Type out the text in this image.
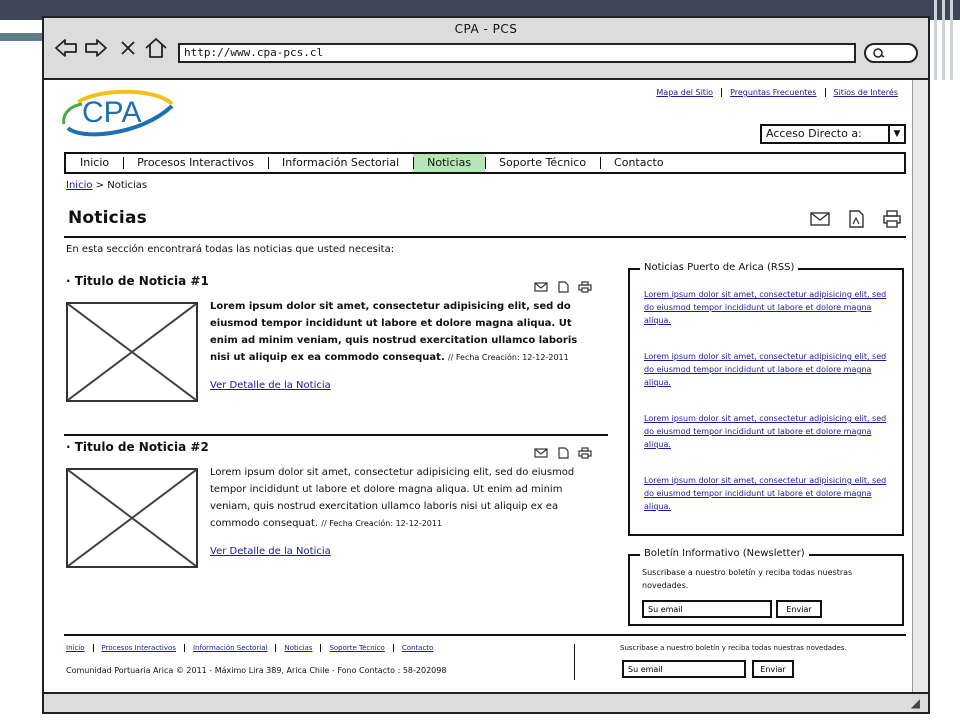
CPA - PCS
http://www.cpa-pcs.cl
CPA
Mapa del Sitio	Preguntas Frecuentes	Sitios de Interés
Acceso Directo a:	▼
Inicio	Procesos Interactivos	Información Sectorial	Noticias	Soporte Técnico	Contacto
Inicio > Noticias
Noticias
En esta sección encontrará todas las noticias que usted necesita:
· Titulo de Noticia #1
Lorem ipsum dolor sit amet, consectetur adipisicing elit, sed do eiusmod tempor incididunt ut labore et dolore magna aliqua. Ut enim ad minim veniam, quis nostrud exercitation ullamco laboris nisi ut aliquip ex ea commodo consequat. // Fecha Creación: 12-12-2011
Ver Detalle de la Noticia
· Titulo de Noticia #2
Lorem ipsum dolor sit amet, consectetur adipisicing elit, sed do eiusmod tempor incididunt ut labore et dolore magna aliqua. Ut enim ad minim veniam, quis nostrud exercitation ullamco laboris nisi ut aliquip ex ea commodo consequat. // Fecha Creación: 12-12-2011
Ver Detalle de la Noticia
Noticias Puerto de Arica (RSS)
Lorem ipsum dolor sit amet, consectetur adipisicing elit, sed do eiusmod tempor incididunt ut labore et dolore magna aliqua.
Lorem ipsum dolor sit amet, consectetur adipisicing elit, sed do eiusmod tempor incididunt ut labore et dolore magna aliqua.
Lorem ipsum dolor sit amet, consectetur adipisicing elit, sed do eiusmod tempor incididunt ut labore et dolore magna aliqua.
Lorem ipsum dolor sit amet, consectetur adipisicing elit, sed do eiusmod tempor incididunt ut labore et dolore magna aliqua.
Boletín Informativo (Newsletter)
Suscribase a nuestro boletín y reciba todas nuestras novedades.
Su email
Enviar
Inicio	Procesos Interactivos	Información Sectorial	Noticias	Soporte Técnico	Contacto
Comunidad Portuaria Arica © 2011 - Máximo Lira 389, Arica Chile - Fono Contacto : 58-202098
Suscribase a nuestro boletín y reciba todas nuestras novedades.
Su email
Enviar
◢
